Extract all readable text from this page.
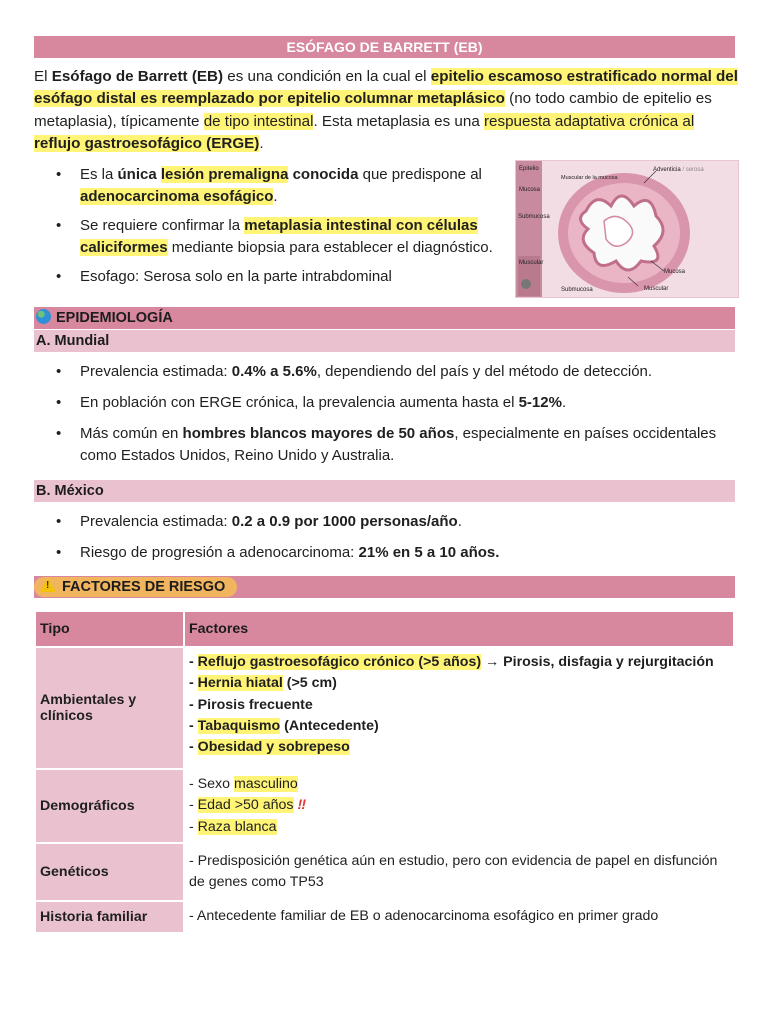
ESÓFAGO DE BARRETT (EB)
El Esófago de Barrett (EB) es una condición en la cual el epitelio escamoso estratificado normal del esófago distal es reemplazado por epitelio columnar metaplásico (no todo cambio de epitelio es metaplasia), típicamente de tipo intestinal. Esta metaplasia es una respuesta adaptativa crónica al reflujo gastroesofágico (ERGE).
• Es la única lesión premaligna conocida que predispone al adenocarcinoma esofágico.
• Se requiere confirmar la metaplasia intestinal con células caliciformes mediante biopsia para establecer el diagnóstico.
• Esofago: Serosa solo en la parte intrabdominal
Epitelio
Mucosa
Muscular de la mucosa
Submucosa
Muscular
Adventicia / serosa
Mucosa
Submucosa	Muscular
EPIDEMIOLOGÍA
A. Mundial
• Prevalencia estimada: 0.4% a 5.6%, dependiendo del país y del método de detección.
• En población con ERGE crónica, la prevalencia aumenta hasta el 5-12%.
• Más común en hombres blancos mayores de 50 años, especialmente en países occidentales como Estados Unidos, Reino Unido y Australia.
B. México
• Prevalencia estimada: 0.2 a 0.9 por 1000 personas/año.
• Riesgo de progresión a adenocarcinoma: 21% en 5 a 10 años.
!FACTORES DE RIESGO
Tipo	Factores
Ambientales y clínicos	- Reflujo gastroesofágico crónico (>5 años) → Pirosis, disfagia y rejurgitación
- Hernia hiatal (>5 cm)
- Pirosis frecuente
- Tabaquismo (Antecedente)
- Obesidad y sobrepeso

Demográficos	- Sexo masculino
- Edad >50 años ‼
- Raza blanca

Genéticos	- Predisposición genética aún en estudio, pero con evidencia de papel en disfunción de genes como TP53
Historia familiar	- Antecedente familiar de EB o adenocarcinoma esofágico en primer grado
